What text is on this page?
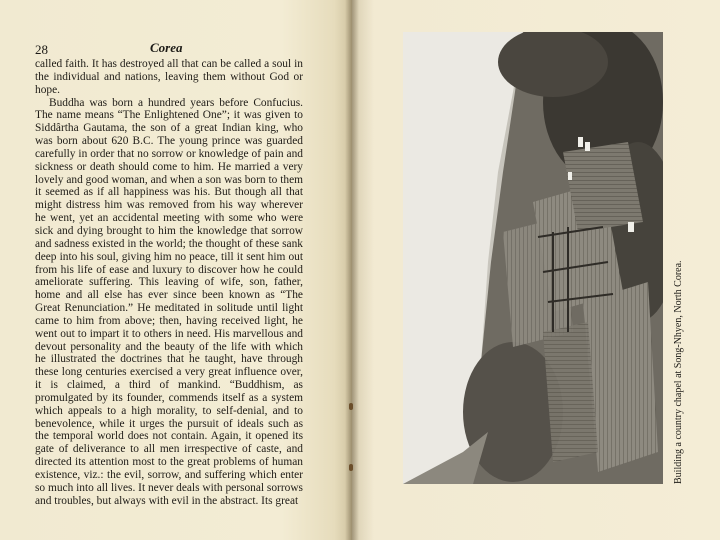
28	Corea

called faith. It has destroyed all that can be called a soul in the individual and nations, leaving them without God or hope.

Buddha was born a hundred years before Confucius. The name means “The Enlightened One”; it was given to Siddârtha Gautama, the son of a great Indian king, who was born about 620 B.C. The young prince was guarded carefully in order that no sorrow or knowledge of pain and sickness or death should come to him. He married a very lovely and good woman, and when a son was born to them it seemed as if all happiness was his. But though all that might distress him was removed from his way wherever he went, yet an accidental meeting with some who were sick and dying brought to him the knowledge that sorrow and sadness existed in the world; the thought of these sank deep into his soul, giving him no peace, till it sent him out from his life of ease and luxury to discover how he could ameliorate suffering. This leaving of wife, son, father, home and all else has ever since been known as “The Great Renunciation.” He meditated in solitude until light came to him from above; then, having received light, he went out to impart it to others in need. His marvellous and devout personality and the beauty of the life with which he illustrated the doctrines that he taught, have through these long centuries exercised a very great influence over, it is claimed, a third of mankind. “Buddhism, as promulgated by its founder, commends itself as a system which appeals to a high morality, to self-denial, and to benevolence, while it urges the pursuit of ideals such as the temporal world does not contain. Again, it opened its gate of deliverance to all men irrespective of caste, and directed its attention most to the great problems of human existence, viz.: the evil, sorrow, and suffering which enter so much into all lives. It never deals with personal sorrows and troubles, but always with evil in the abstract. Its great

Building a country chapel at Song-Nhyen, North Corea.
